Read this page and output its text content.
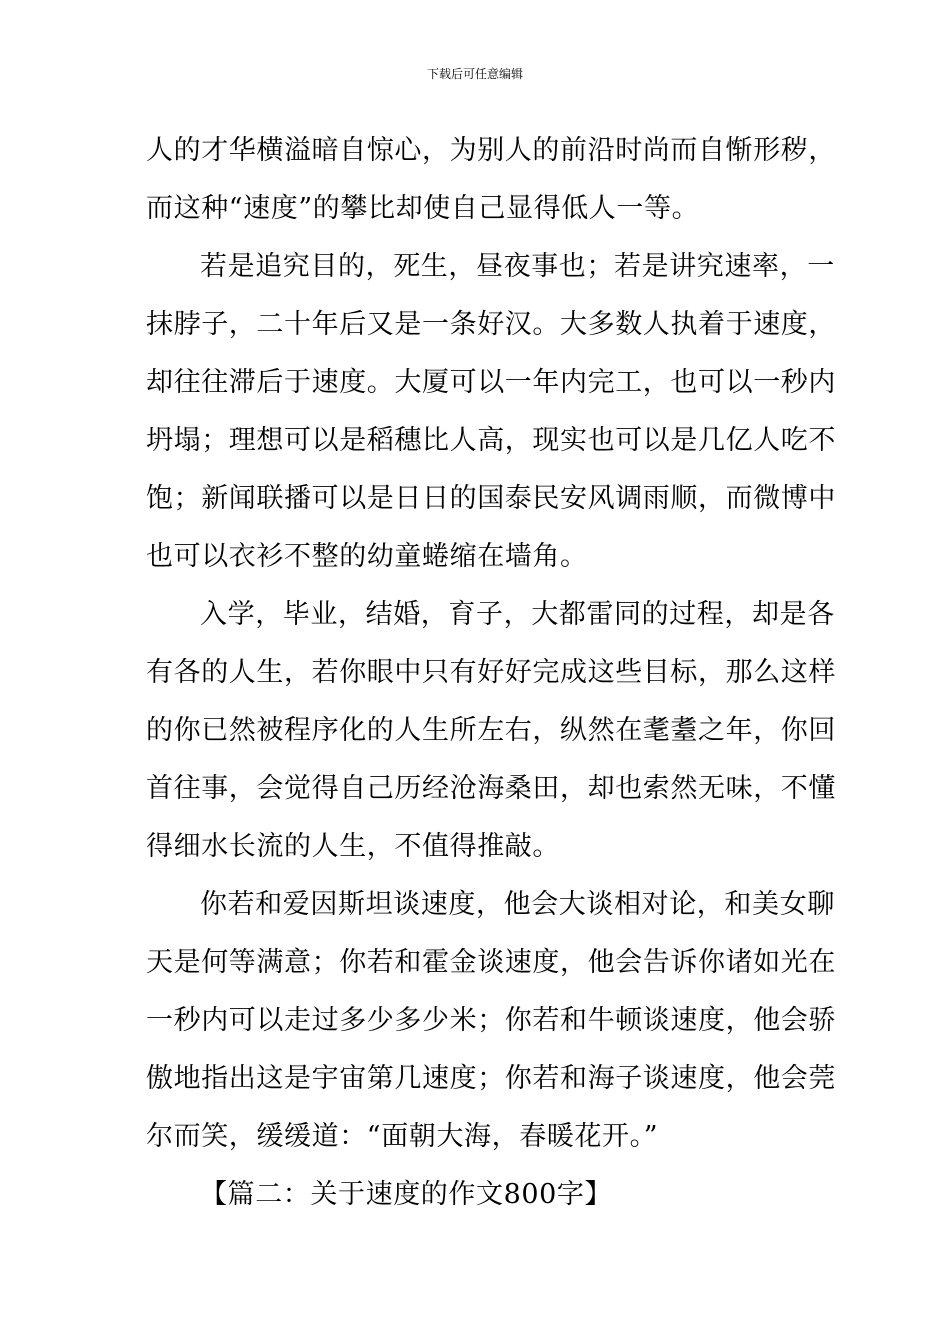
下载后可任意编辑
人的才华横溢暗自惊心，为别人的前沿时尚而自惭形秽，
而这种“速度”的攀比却使自己显得低人一等。
若是追究目的，死生，昼夜事也；若是讲究速率，一
抹脖子，二十年后又是一条好汉。大多数人执着于速度，
却往往滞后于速度。大厦可以一年内完工，也可以一秒内
坍塌；理想可以是稻穗比人高，现实也可以是几亿人吃不
饱；新闻联播可以是日日的国泰民安风调雨顺，而微博中
也可以衣衫不整的幼童蜷缩在墙角。
入学，毕业，结婚，育子，大都雷同的过程，却是各
有各的人生，若你眼中只有好好完成这些目标，那么这样
的你已然被程序化的人生所左右，纵然在耄耋之年，你回
首往事，会觉得自己历经沧海桑田，却也索然无味，不懂
得细水长流的人生，不值得推敲。
你若和爱因斯坦谈速度，他会大谈相对论，和美女聊
天是何等满意；你若和霍金谈速度，他会告诉你诸如光在
一秒内可以走过多少多少米；你若和牛顿谈速度，他会骄
傲地指出这是宇宙第几速度；你若和海子谈速度，他会莞
尔而笑，缓缓道：“面朝大海，春暖花开。”
【篇二：关于速度的作文800字】
